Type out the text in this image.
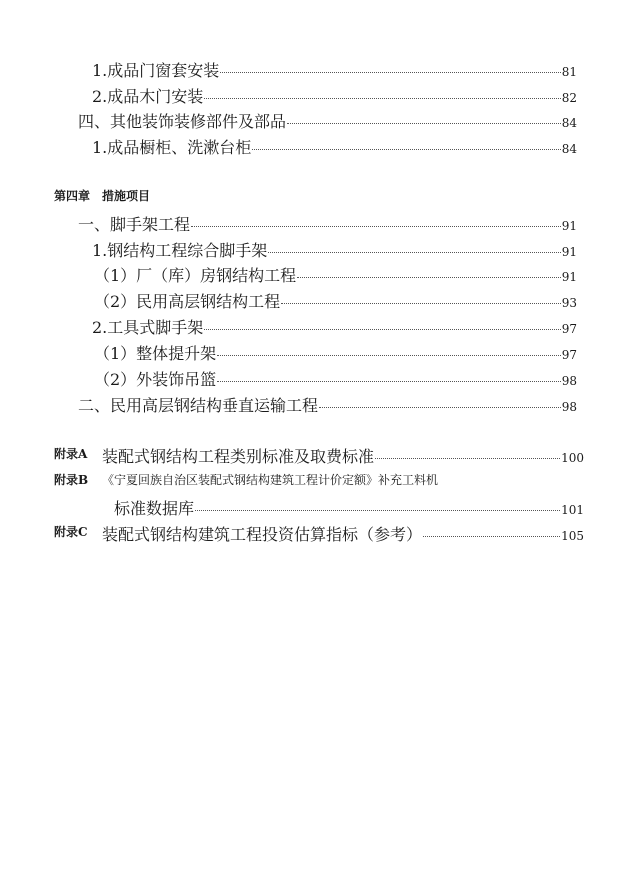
1.成品门窗套安装	81
2.成品木门安装	82
四、其他装饰装修部件及部品	84
1.成品橱柜、洗漱台柜	84
第四章　措施项目
一、脚手架工程	91
1.钢结构工程综合脚手架	91
（1）厂（库）房钢结构工程	91
（2）民用高层钢结构工程	93
2.工具式脚手架	97
（1）整体提升架	97
（2）外装饰吊篮	98
二、民用高层钢结构垂直运输工程	98
附录A 装配式钢结构工程类别标准及取费标准	100
附录B 《宁夏回族自治区装配式钢结构建筑工程计价定额》补充工料机
标准数据库	101
附录C 装配式钢结构建筑工程投资估算指标（参考）	105
